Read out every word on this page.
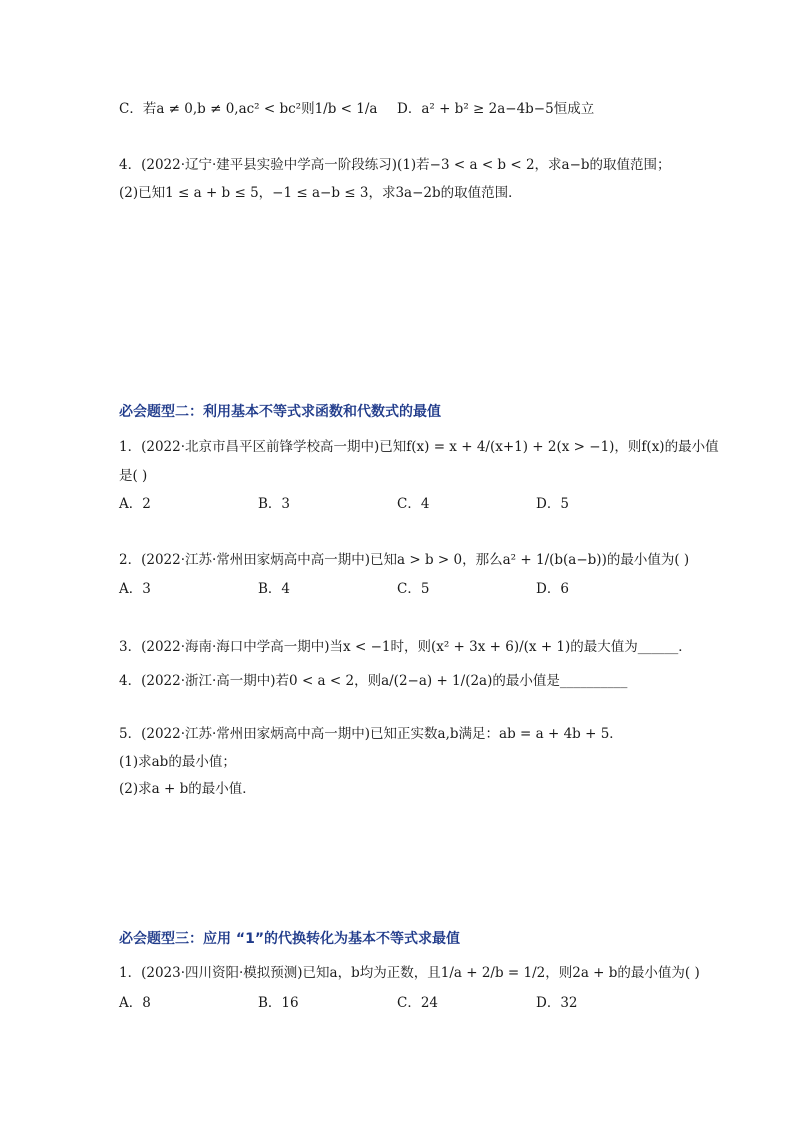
C．若a ≠ 0,b ≠ 0,ac² < bc²则1/b < 1/a D．a² + b² ≥ 2a−4b−5恒成立
4．(2022·辽宁·建平县实验中学高一阶段练习)(1)若−3 < a < b < 2，求a−b的取值范围；
(2)已知1 ≤ a + b ≤ 5，−1 ≤ a−b ≤ 3，求3a−2b的取值范围．
必会题型二：利用基本不等式求函数和代数式的最值
1．(2022·北京市昌平区前锋学校高一期中)已知f(x) = x + 4/(x+1) + 2(x > −1)，则f(x)的最小值
是( )
A．2	B．3	C．4	D．5
2．(2022·江苏·常州田家炳高中高一期中)已知a > b > 0，那么a² + 1/(b(a−b))的最小值为( )
A．3	B．4	C．5	D．6
3．(2022·海南·海口中学高一期中)当x < −1时，则(x² + 3x + 6)/(x + 1)的最大值为______．
4．(2022·浙江·高一期中)若0 < a < 2，则a/(2−a) + 1/(2a)的最小值是__________
5．(2022·江苏·常州田家炳高中高一期中)已知正实数a,b满足：ab = a + 4b + 5．
(1)求ab的最小值；
(2)求a + b的最小值．
必会题型三：应用 “1”的代换转化为基本不等式求最值
1．(2023·四川资阳·模拟预测)已知a，b均为正数，且1/a + 2/b = 1/2，则2a + b的最小值为( )
A．8	B．16	C．24	D．32
